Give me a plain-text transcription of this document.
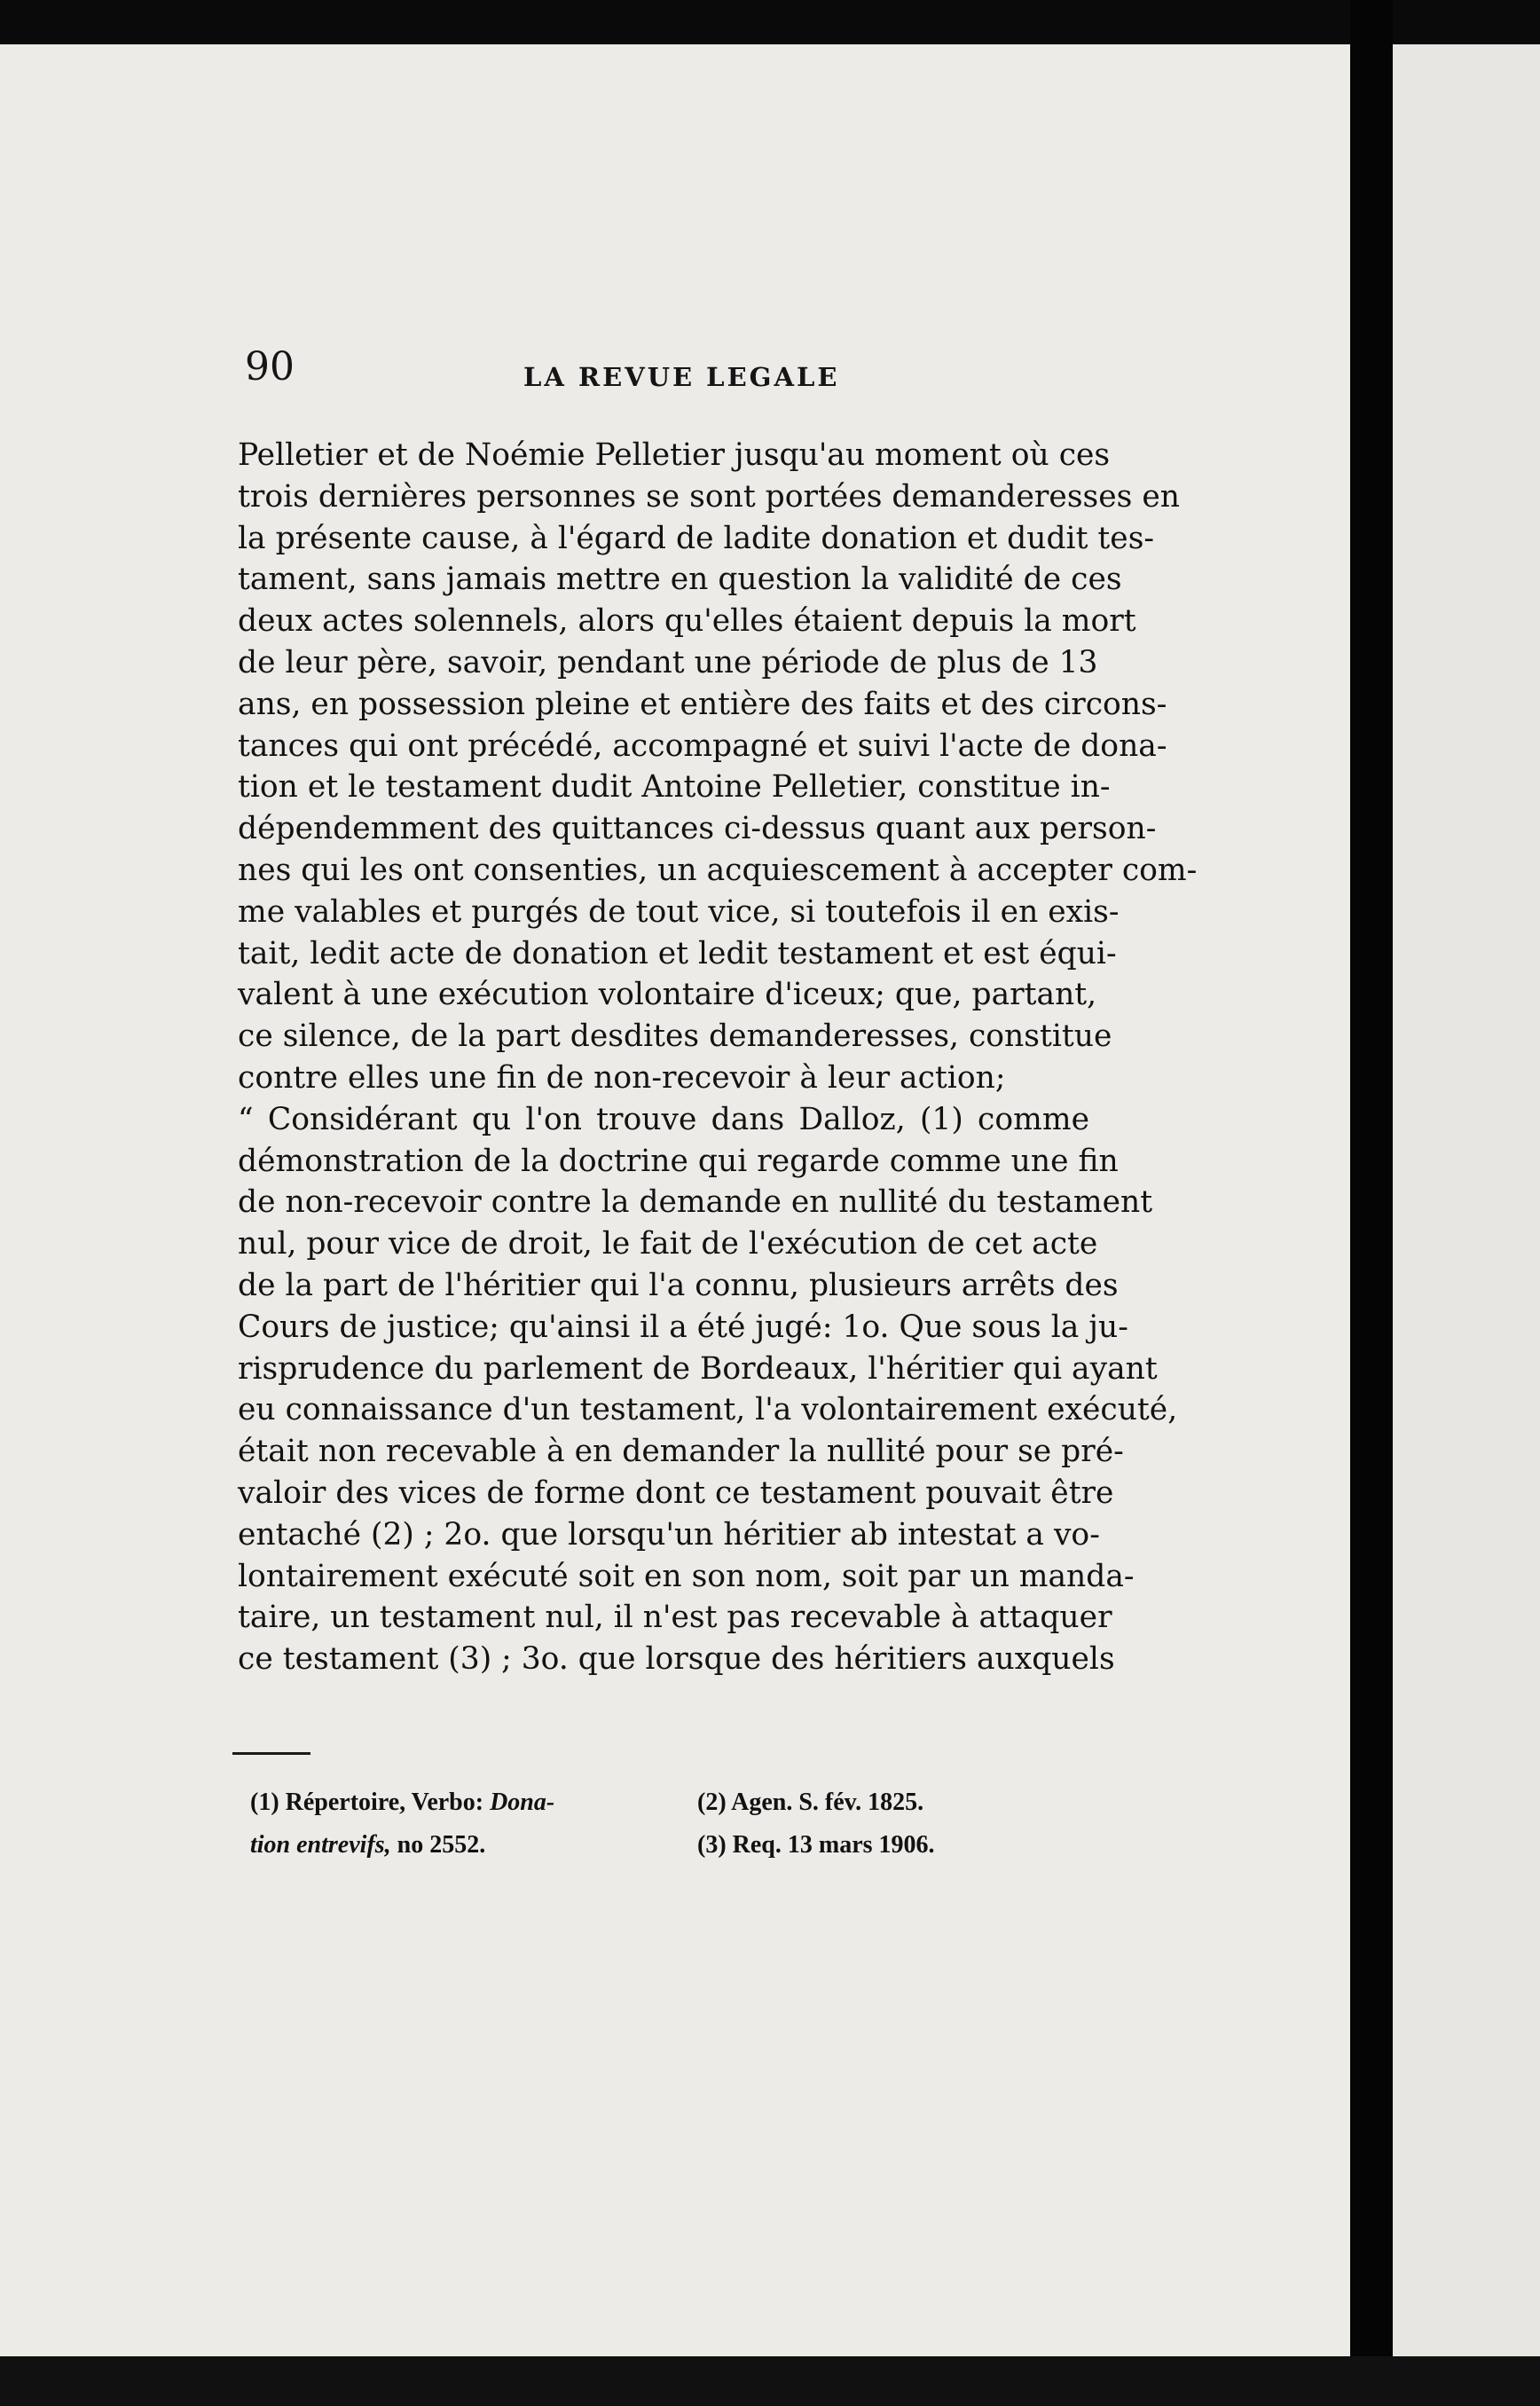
90	LA REVUE LEGALE
Pelletier et de Noémie Pelletier jusqu'au moment où ces
trois dernières personnes se sont portées demanderesses en
la présente cause, à l'égard de ladite donation et dudit tes-
tament, sans jamais mettre en question la validité de ces
deux actes solennels, alors qu'elles étaient depuis la mort
de leur père, savoir, pendant une période de plus de 13
ans, en possession pleine et entière des faits et des circons-
tances qui ont précédé, accompagné et suivi l'acte de dona-
tion et le testament dudit Antoine Pelletier, constitue in-
dépendemment des quittances ci-dessus quant aux person-
nes qui les ont consenties, un acquiescement à accepter com-
me valables et purgés de tout vice, si toutefois il en exis-
tait, ledit acte de donation et ledit testament et est équi-
valent à une exécution volontaire d'iceux; que, partant,
ce silence, de la part desdites demanderesses, constitue
contre elles une fin de non-recevoir à leur action;
“ Considérant qu l'on trouve dans Dalloz, (1) comme
démonstration de la doctrine qui regarde comme une fin
de non-recevoir contre la demande en nullité du testament
nul, pour vice de droit, le fait de l'exécution de cet acte
de la part de l'héritier qui l'a connu, plusieurs arrêts des
Cours de justice; qu'ainsi il a été jugé: 1o. Que sous la ju-
risprudence du parlement de Bordeaux, l'héritier qui ayant
eu connaissance d'un testament, l'a volontairement exécuté,
était non recevable à en demander la nullité pour se pré-
valoir des vices de forme dont ce testament pouvait être
entaché (2) ; 2o. que lorsqu'un héritier ab intestat a vo-
lontairement exécuté soit en son nom, soit par un manda-
taire, un testament nul, il n'est pas recevable à attaquer
ce testament (3) ; 3o. que lorsque des héritiers auxquels
(1) Répertoire, Verbo: Dona-
tion entrevifs, no 2552.
(2) Agen. S. fév. 1825.
(3) Req. 13 mars 1906.
